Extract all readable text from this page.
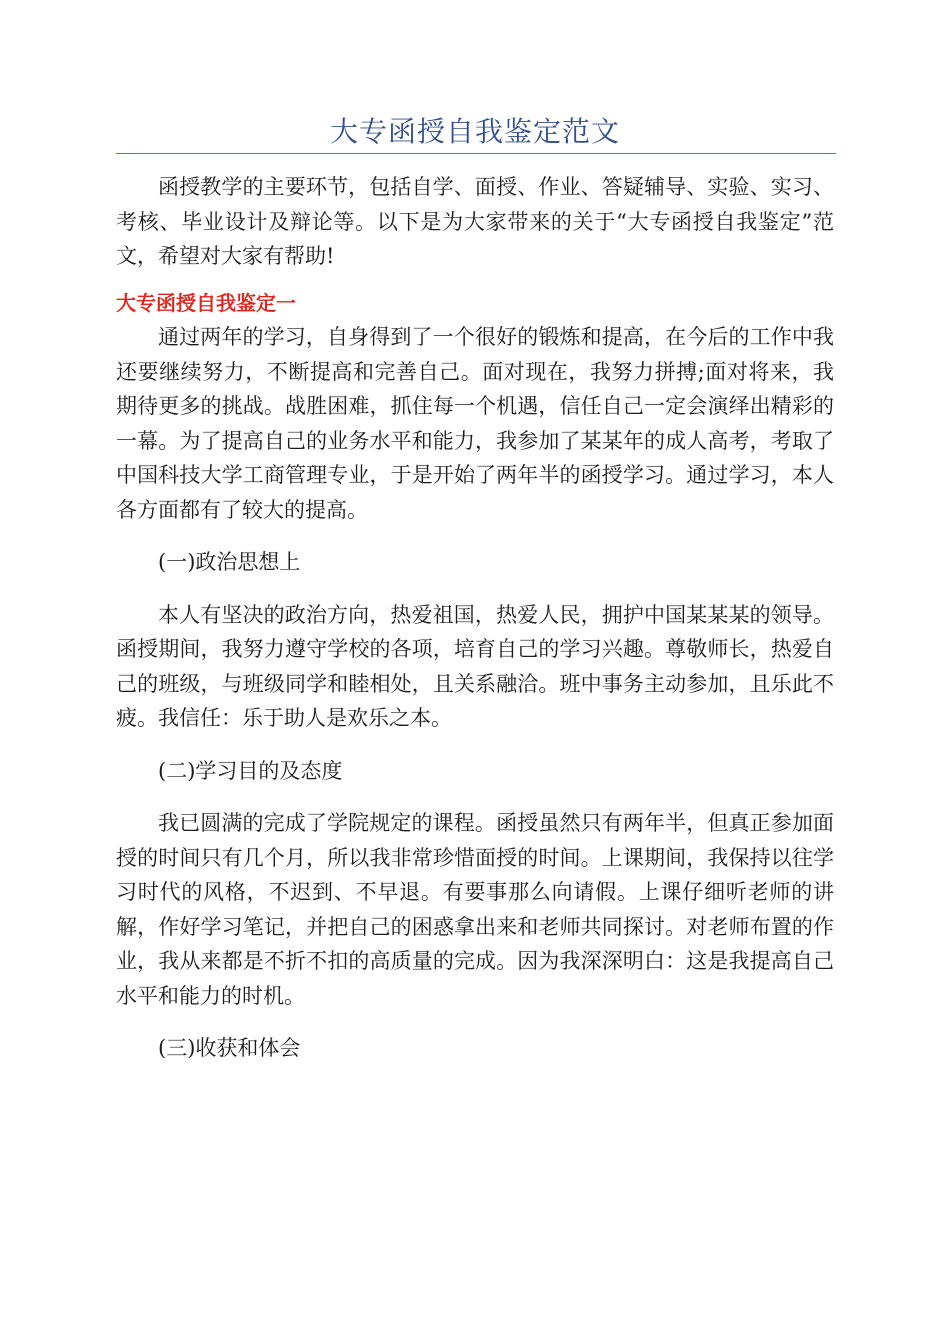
大专函授自我鉴定范文

函授教学的主要环节，包括自学、面授、作业、答疑辅导、实验、实习、考核、毕业设计及辩论等。以下是为大家带来的关于“大专函授自我鉴定”范文，希望对大家有帮助!

大专函授自我鉴定一

通过两年的学习，自身得到了一个很好的锻炼和提高，在今后的工作中我还要继续努力，不断提高和完善自己。面对现在，我努力拼搏;面对将来，我期待更多的挑战。战胜困难，抓住每一个机遇，信任自己一定会演绎出精彩的一幕。为了提高自己的业务水平和能力，我参加了某某年的成人高考，考取了中国科技大学工商管理专业，于是开始了两年半的函授学习。通过学习，本人各方面都有了较大的提高。

(一)政治思想上

本人有坚决的政治方向，热爱祖国，热爱人民，拥护中国某某某的领导。函授期间，我努力遵守学校的各项，培育自己的学习兴趣。尊敬师长，热爱自己的班级，与班级同学和睦相处，且关系融洽。班中事务主动参加，且乐此不疲。我信任：乐于助人是欢乐之本。

(二)学习目的及态度

我已圆满的完成了学院规定的课程。函授虽然只有两年半，但真正参加面授的时间只有几个月，所以我非常珍惜面授的时间。上课期间，我保持以往学习时代的风格，不迟到、不早退。有要事那么向请假。上课仔细听老师的讲解，作好学习笔记，并把自己的困惑拿出来和老师共同探讨。对老师布置的作业，我从来都是不折不扣的高质量的完成。因为我深深明白：这是我提高自己水平和能力的时机。

(三)收获和体会
